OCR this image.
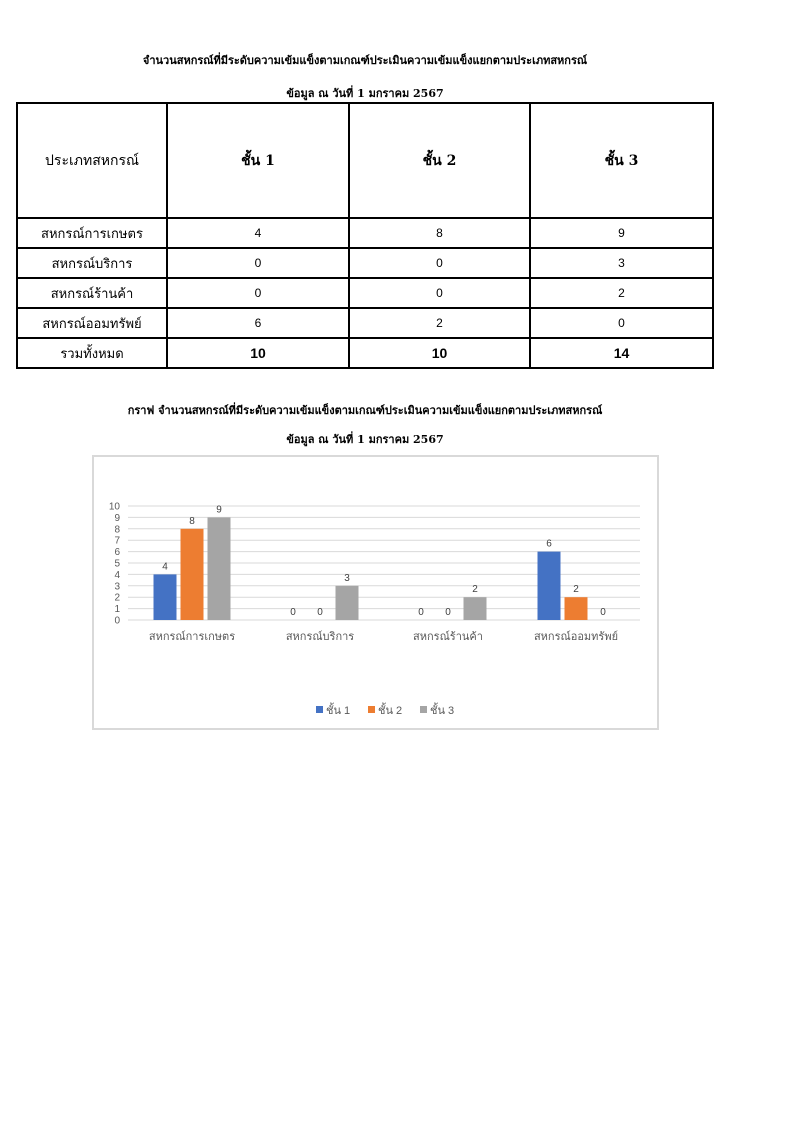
จำนวนสหกรณ์ที่มีระดับความเข้มแข็งตามเกณฑ์ประเมินความเข้มแข็งแยกตามประเภทสหกรณ์
ข้อมูล ณ วันที่ 1 มกราคม 2567
ประเภทสหกรณ์	ชั้น 1	ชั้น 2	ชั้น 3
สหกรณ์การเกษตร	4	8	9
สหกรณ์บริการ	0	0	3
สหกรณ์ร้านค้า	0	0	2
สหกรณ์ออมทรัพย์	6	2	0
รวมทั้งหมด	10	10	14
กราฟ จำนวนสหกรณ์ที่มีระดับความเข้มแข็งตามเกณฑ์ประเมินความเข้มแข็งแยกตามประเภทสหกรณ์
ข้อมูล ณ วันที่ 1 มกราคม 2567
0
1
2
3
4
5
6
7
8
9
10
4
8
9
สหกรณ์การเกษตร
0 0
3
สหกรณ์บริการ
0 0
2
สหกรณ์ร้านค้า
6
2
0
สหกรณ์ออมทรัพย์
ชั้น 1	ชั้น 2	ชั้น 3
